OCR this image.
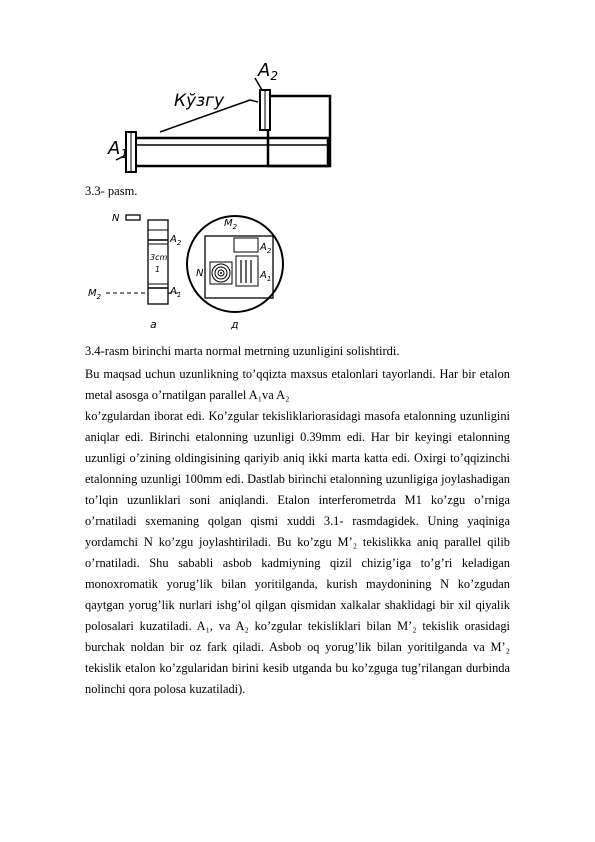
$A_2$
Кўзгу
$A_1$
3.3- pasm.
N
$A_2$
3cm
1
$A_1$
$M_2$
a
$M_2$
$A_2$
N	$A_1$
д
3.4-rasm birinchi marta normal metrning uzunligini solishtirdi.

Bu maqsad uchun uzunlikning to’qqizta maxsus etalonlari tayorlandi. Har bir etalon metal asosga o’rnatilgan parallel A₁va A₂

ko’zgulardan iborat edi. Ko’zgular tekisliklariorasidagi masofa etalonning uzunligini aniqlar edi. Birinchi etalonning uzunligi 0.39mm edi. Har bir keyingi etalonning uzunligi o’zining oldingisining qariyib aniq ikki marta katta edi. Oxirgi to’qqizinchi etalonning uzunligi 100mm edi. Dastlab birinchi etalonning uzunligiga joylashadigan to’lqin uzunliklari soni aniqlandi. Etalon interferometrda M1 ko’zgu o’rniga o’rnatiladi sxemaning qolgan qismi xuddi 3.1- rasmdagidek. Uning yaqiniga yordamchi N ko’zgu joylashtiriladi. Bu ko’zgu M’₂ tekislikka aniq parallel qilib o’rnatiladi. Shu sababli asbob kadmiyning qizil chizig’iga to’g’ri keladigan monoxromatik yorug’lik bilan yoritilganda, kurish maydonining N ko’zgudan qaytgan yorug’lik nurlari ishg’ol qilgan qismidan xalkalar shaklidagi bir xil qiyalik polosalari kuzatiladi. A₁, va A₂ ko’zgular tekisliklari bilan M’₂ tekislik orasidagi burchak noldan bir oz fark qiladi. Asbob oq yorug’lik bilan yoritilganda va M’₂ tekislik etalon ko’zgularidan birini kesib utganda bu ko’zguga tug’rilangan durbinda nolinchi qora polosa kuzatiladi).
